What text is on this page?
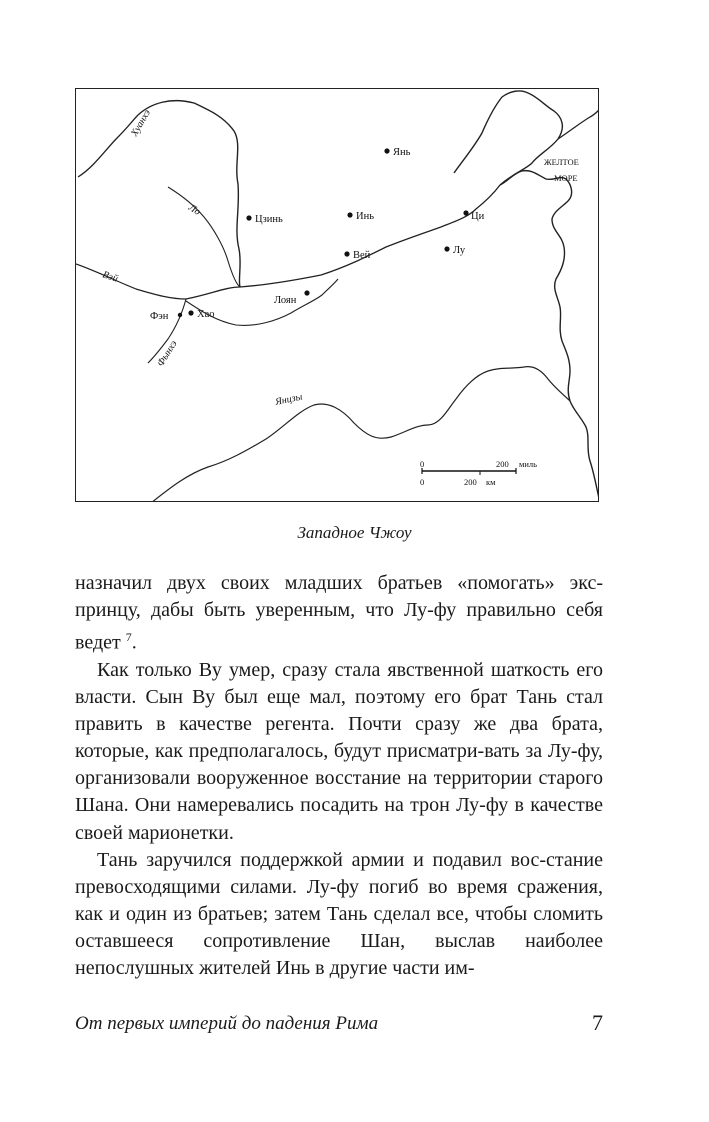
Янь
Цзинь	Инь
Вей
Ци
Лу
Лоян
Хао
Фэн
Хуанхэ
Ло
Вэй
Фынхэ
Янцзы
ЖЕЛТОЕ
МОРЕ
0	200 миль
0	200 км
Западное Чжоу

назначил двух своих младших братьев «помогать» экс-принцу, дабы быть уверенным, что Лу-фу правильно себя ведет $^7$.

Как только Ву умер, сразу стала явственной шаткость его власти. Сын Ву был еще мал, поэтому его брат Тань стал править в качестве регента. Почти сразу же два брата, которые, как предполагалось, будут присматри-вать за Лу-фу, организовали вооруженное восстание на территории старого Шана. Они намеревались посадить на трон Лу-фу в качестве своей марионетки.

Тань заручился поддержкой армии и подавил вос-стание превосходящими силами. Лу-фу погиб во время сражения, как и один из братьев; затем Тань сделал все, чтобы сломить оставшееся сопротивление Шан, выслав наиболее непослушных жителей Инь в другие части им-

От первых империй до падения Рима	7
